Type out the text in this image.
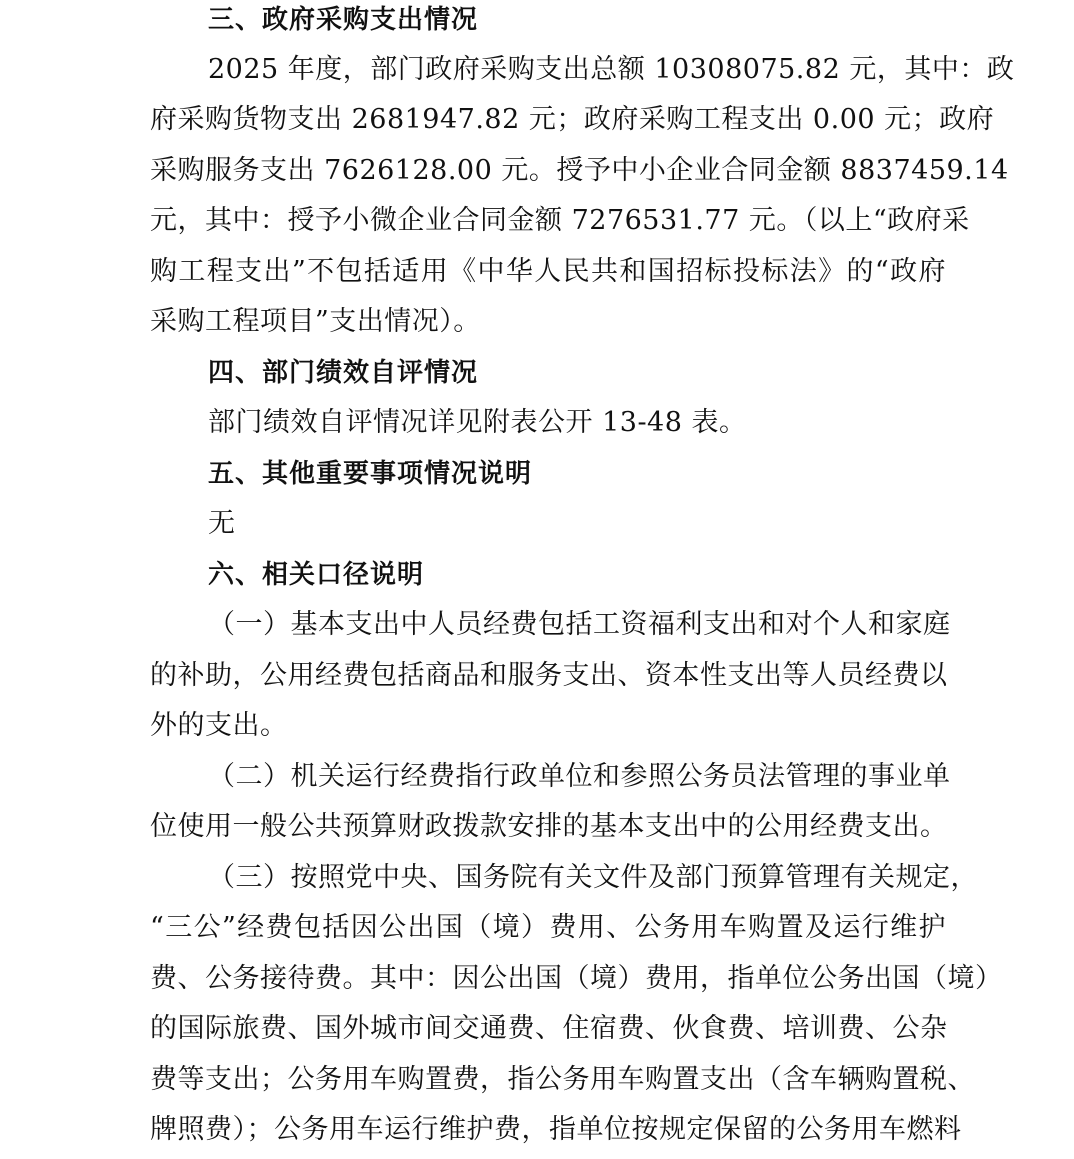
三、政府采购支出情况
2025 年度，部门政府采购支出总额 10308075.82 元，其中：政
府采购货物支出 2681947.82 元；政府采购工程支出 0.00 元；政府
采购服务支出 7626128.00 元。授予中小企业合同金额 8837459.14
元，其中：授予小微企业合同金额 7276531.77 元。（以上“政府采
购工程支出”不包括适用《中华人民共和国招标投标法》的“政府
采购工程项目”支出情况）。
四、部门绩效自评情况
部门绩效自评情况详见附表公开 13-48 表。
五、其他重要事项情况说明
无
六、相关口径说明
（一）基本支出中人员经费包括工资福利支出和对个人和家庭
的补助，公用经费包括商品和服务支出、资本性支出等人员经费以
外的支出。
（二）机关运行经费指行政单位和参照公务员法管理的事业单
位使用一般公共预算财政拨款安排的基本支出中的公用经费支出。
（三）按照党中央、国务院有关文件及部门预算管理有关规定，
“三公”经费包括因公出国（境）费用、公务用车购置及运行维护
费、公务接待费。其中：因公出国（境）费用，指单位公务出国（境）
的国际旅费、国外城市间交通费、住宿费、伙食费、培训费、公杂
费等支出；公务用车购置费，指公务用车购置支出（含车辆购置税、
牌照费）；公务用车运行维护费，指单位按规定保留的公务用车燃料
